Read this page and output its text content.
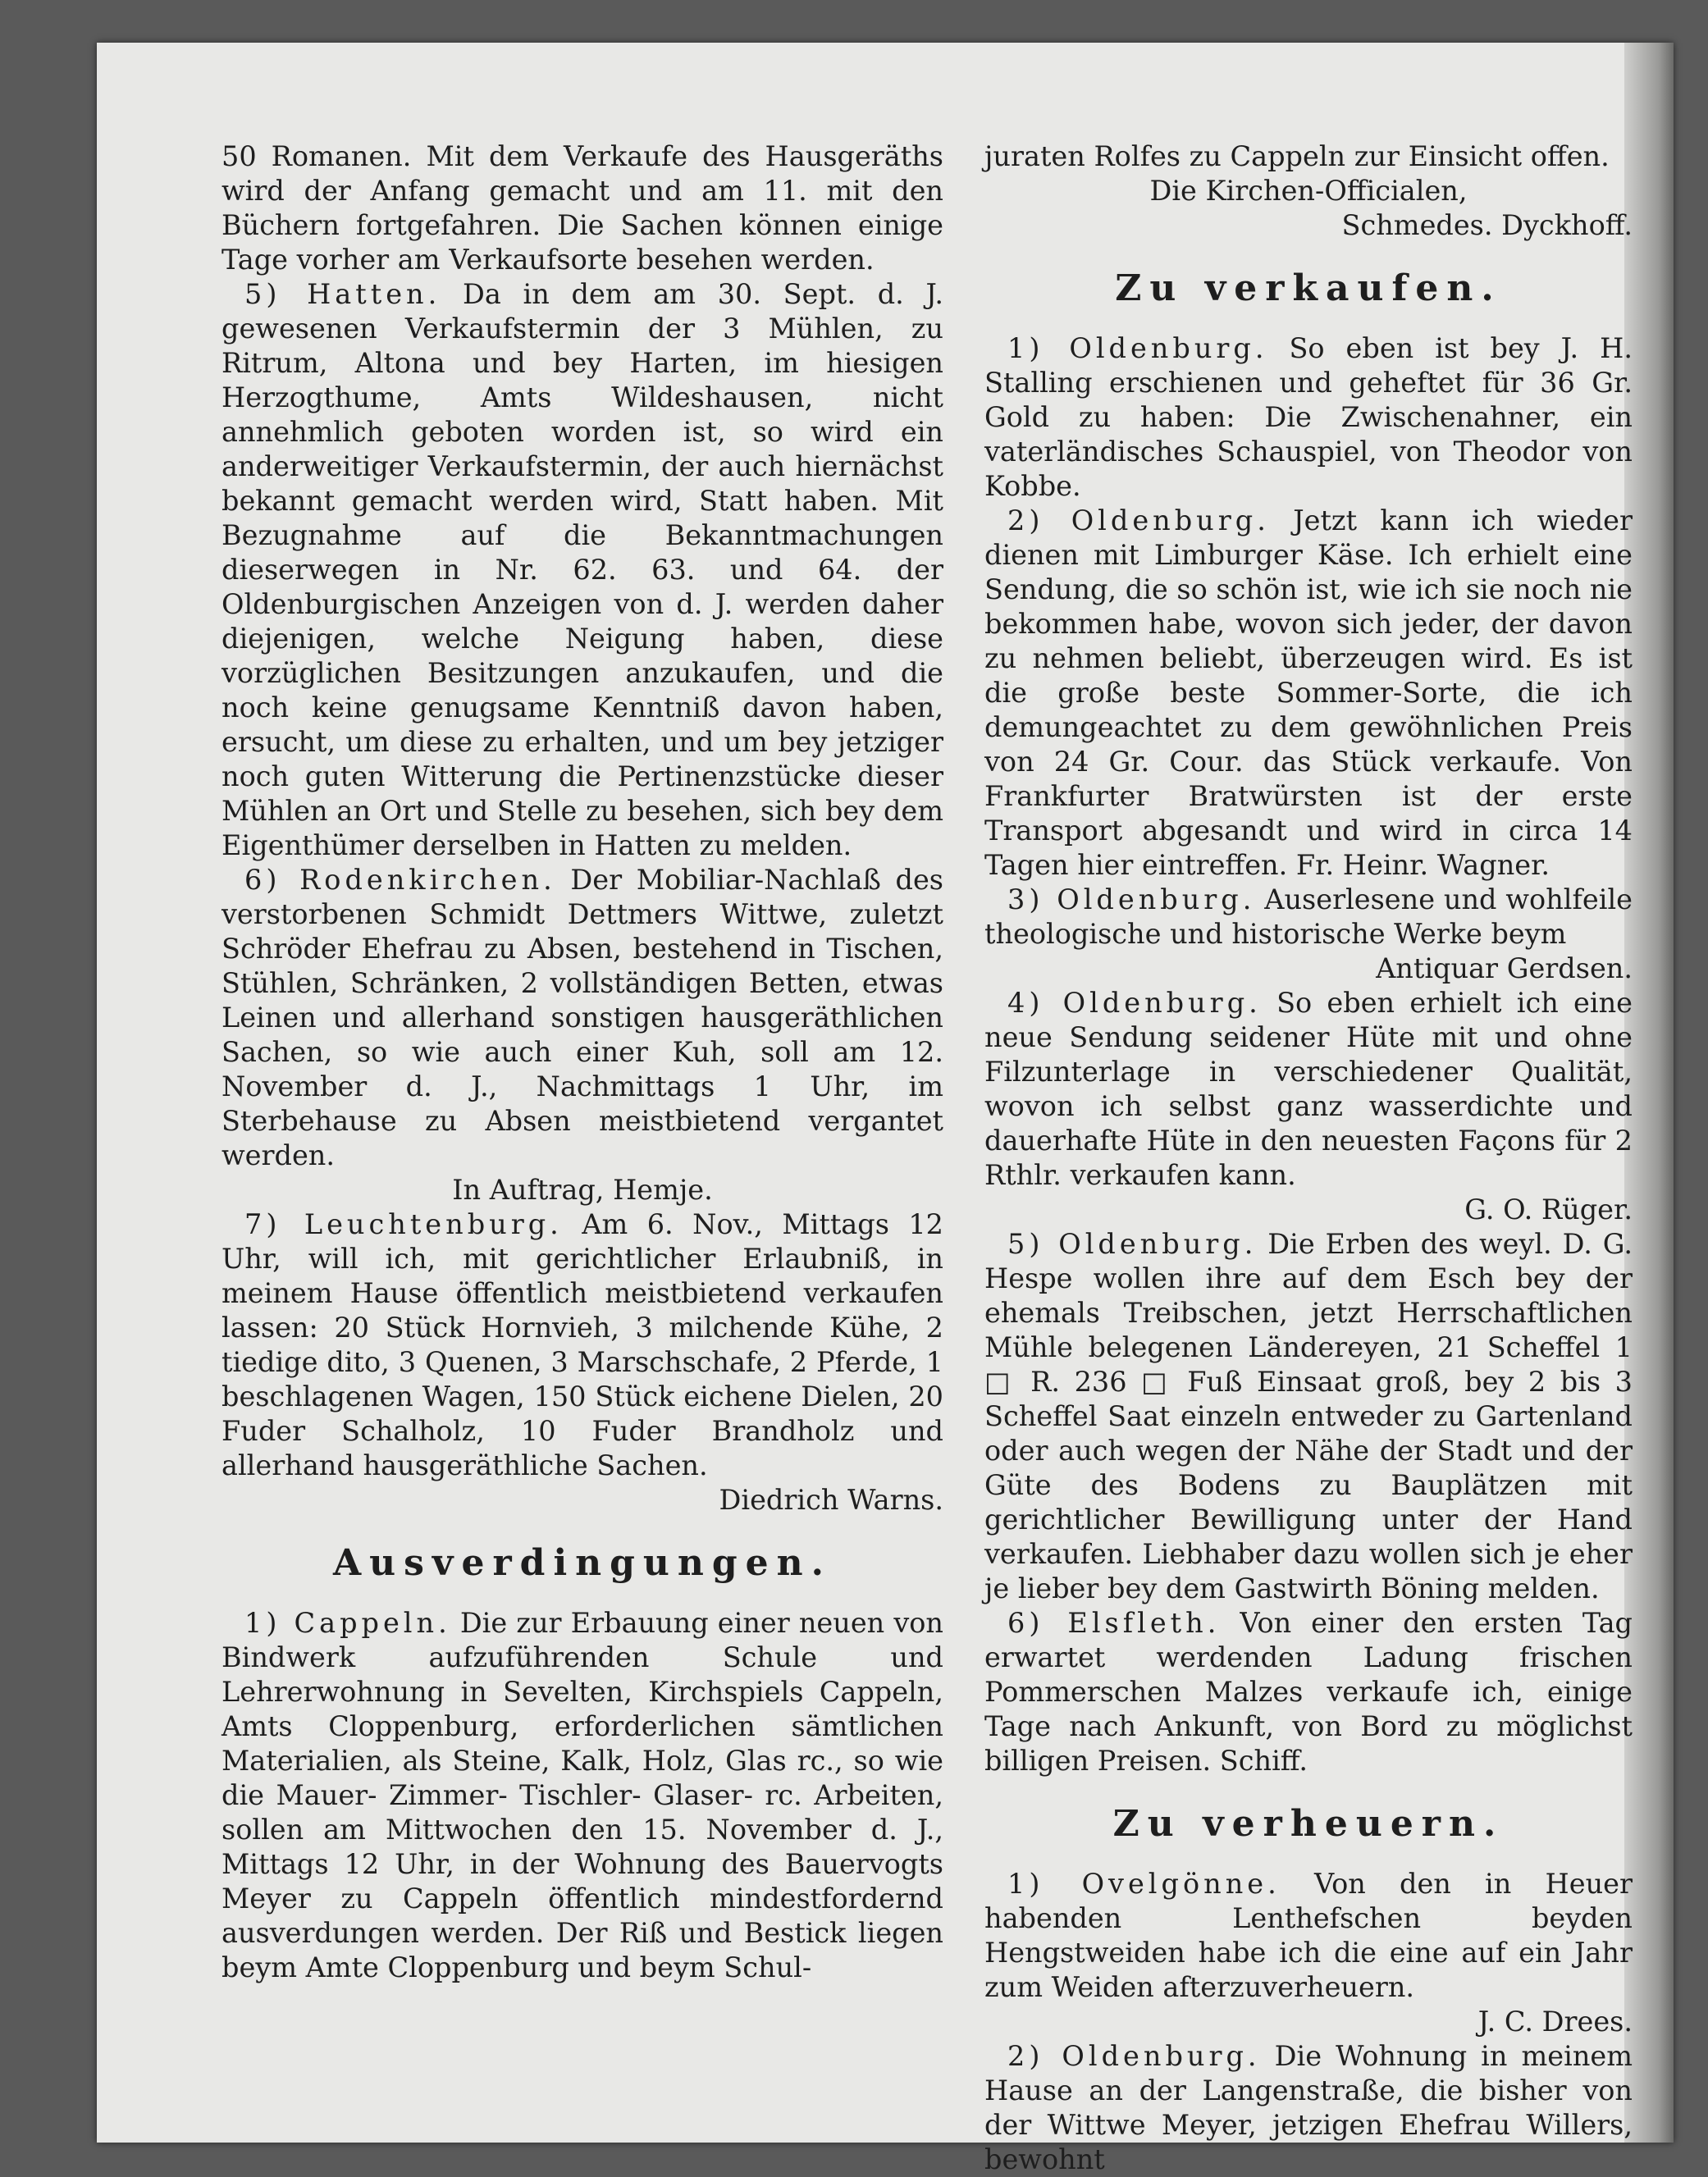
50 Romanen. Mit dem Verkaufe des Hausgeräths wird der Anfang gemacht und am 11. mit den Büchern fortgefahren. Die Sachen können einige Tage vorher am Verkaufsorte besehen werden.

5) Hatten. Da in dem am 30. Sept. d. J. gewesenen Verkaufstermin der 3 Mühlen, zu Ritrum, Altona und bey Harten, im hiesigen Herzogthume, Amts Wildeshausen, nicht annehmlich geboten worden ist, so wird ein anderweitiger Verkaufstermin, der auch hiernächst bekannt gemacht werden wird, Statt haben. Mit Bezugnahme auf die Bekanntmachungen dieserwegen in Nr. 62. 63. und 64. der Oldenburgischen Anzeigen von d. J. werden daher diejenigen, welche Neigung haben, diese vorzüglichen Besitzungen anzukaufen, und die noch keine genugsame Kenntniß davon haben, ersucht, um diese zu erhalten, und um bey jetziger noch guten Witterung die Pertinenzstücke dieser Mühlen an Ort und Stelle zu besehen, sich bey dem Eigenthümer derselben in Hatten zu melden.

6) Rodenkirchen. Der Mobiliar-Nachlaß des verstorbenen Schmidt Dettmers Wittwe, zuletzt Schröder Ehefrau zu Absen, bestehend in Tischen, Stühlen, Schränken, 2 vollständigen Betten, etwas Leinen und allerhand sonstigen hausgeräthlichen Sachen, so wie auch einer Kuh, soll am 12. November d. J., Nachmittags 1 Uhr, im Sterbehause zu Absen meistbietend vergantet werden.

In Auftrag, Hemje.

7) Leuchtenburg. Am 6. Nov., Mittags 12 Uhr, will ich, mit gerichtlicher Erlaubniß, in meinem Hause öffentlich meistbietend verkaufen lassen: 20 Stück Hornvieh, 3 milchende Kühe, 2 tiedige dito, 3 Quenen, 3 Marschschafe, 2 Pferde, 1 beschlagenen Wagen, 150 Stück eichene Dielen, 20 Fuder Schalholz, 10 Fuder Brandholz und allerhand hausgeräthliche Sachen.

Diedrich Warns.

Ausverdingungen.

1) Cappeln. Die zur Erbauung einer neuen von Bindwerk aufzuführenden Schule und Lehrerwohnung in Sevelten, Kirchspiels Cappeln, Amts Cloppenburg, erforderlichen sämtlichen Materialien, als Steine, Kalk, Holz, Glas rc., so wie die Mauer- Zimmer- Tischler- Glaser- rc. Arbeiten, sollen am Mittwochen den 15. November d. J., Mittags 12 Uhr, in der Wohnung des Bauervogts Meyer zu Cappeln öffentlich mindestfordernd ausverdungen werden. Der Riß und Bestick liegen beym Amte Cloppenburg und beym Schul-

juraten Rolfes zu Cappeln zur Einsicht offen.

Die Kirchen-Officialen,

Schmedes. Dyckhoff.

Zu verkaufen.

1) Oldenburg. So eben ist bey J. H. Stalling erschienen und geheftet für 36 Gr. Gold zu haben: Die Zwischenahner, ein vaterländisches Schauspiel, von Theodor von Kobbe.

2) Oldenburg. Jetzt kann ich wieder dienen mit Limburger Käse. Ich erhielt eine Sendung, die so schön ist, wie ich sie noch nie bekommen habe, wovon sich jeder, der davon zu nehmen beliebt, überzeugen wird. Es ist die große beste Sommer-Sorte, die ich demungeachtet zu dem gewöhnlichen Preis von 24 Gr. Cour. das Stück verkaufe. Von Frankfurter Bratwürsten ist der erste Transport abgesandt und wird in circa 14 Tagen hier eintreffen. Fr. Heinr. Wagner.

3) Oldenburg. Auserlesene und wohlfeile theologische und historische Werke beym

Antiquar Gerdsen.

4) Oldenburg. So eben erhielt ich eine neue Sendung seidener Hüte mit und ohne Filzunterlage in verschiedener Qualität, wovon ich selbst ganz wasserdichte und dauerhafte Hüte in den neuesten Façons für 2 Rthlr. verkaufen kann.

G. O. Rüger.

5) Oldenburg. Die Erben des weyl. D. G. Hespe wollen ihre auf dem Esch bey der ehemals Treibschen, jetzt Herrschaftlichen Mühle belegenen Ländereyen, 21 Scheffel 1 □ R. 236 □ Fuß Einsaat groß, bey 2 bis 3 Scheffel Saat einzeln entweder zu Gartenland oder auch wegen der Nähe der Stadt und der Güte des Bodens zu Bauplätzen mit gerichtlicher Bewilligung unter der Hand verkaufen. Liebhaber dazu wollen sich je eher je lieber bey dem Gastwirth Böning melden.

6) Elsfleth. Von einer den ersten Tag erwartet werdenden Ladung frischen Pommerschen Malzes verkaufe ich, einige Tage nach Ankunft, von Bord zu möglichst billigen Preisen. Schiff.

Zu verheuern.

1) Ovelgönne. Von den in Heuer habenden Lenthefschen beyden Hengstweiden habe ich die eine auf ein Jahr zum Weiden afterzuverheuern.

J. C. Drees.

2) Oldenburg. Die Wohnung in meinem Hause an der Langenstraße, die bisher von der Wittwe Meyer, jetzigen Ehefrau Willers, bewohnt
